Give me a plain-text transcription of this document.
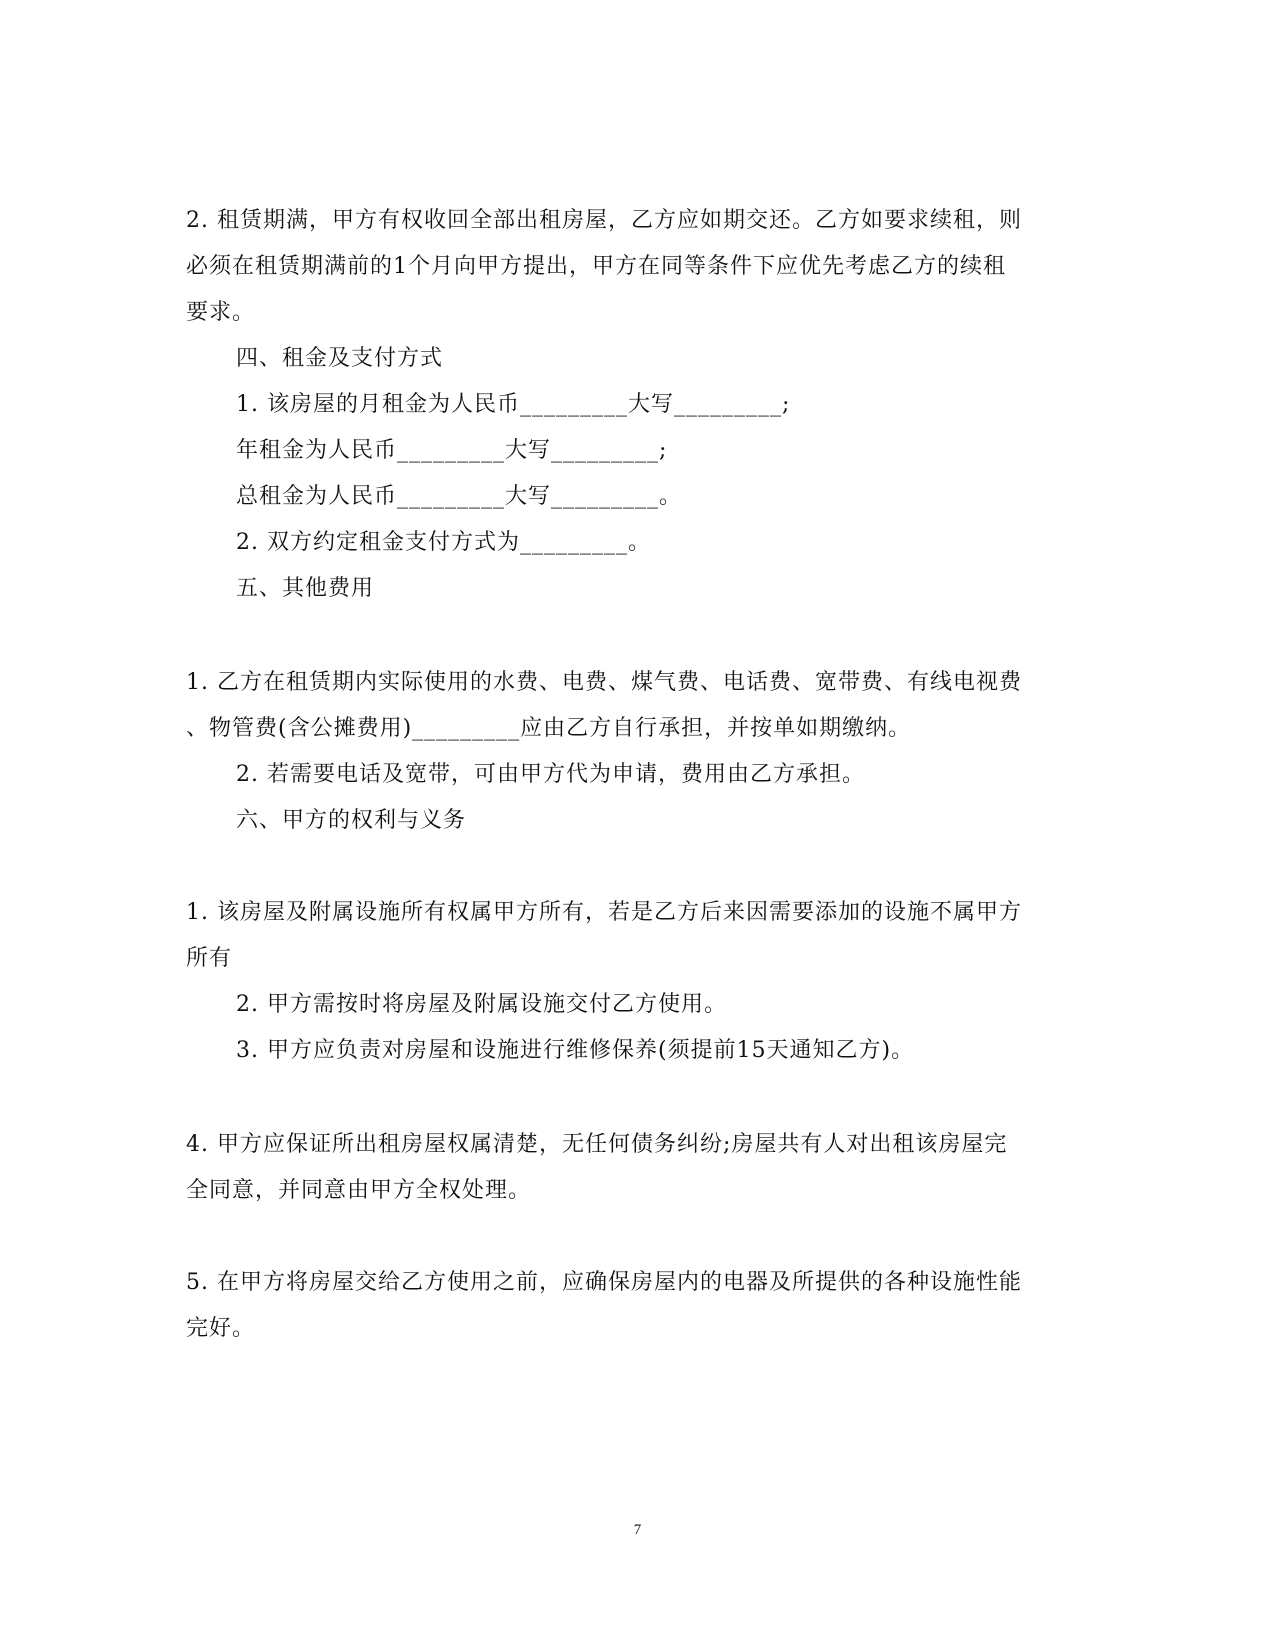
2. 租赁期满，甲方有权收回全部出租房屋，乙方应如期交还。乙方如要求续租，则
必须在租赁期满前的1个月向甲方提出，甲方在同等条件下应优先考虑乙方的续租
要求。
四、租金及支付方式
1. 该房屋的月租金为人民币_________大写_________;
年租金为人民币_________大写_________;
总租金为人民币_________大写_________。
2. 双方约定租金支付方式为_________。
五、其他费用
1. 乙方在租赁期内实际使用的水费、电费、煤气费、电话费、宽带费、有线电视费
、物管费(含公摊费用)_________应由乙方自行承担，并按单如期缴纳。
2. 若需要电话及宽带，可由甲方代为申请，费用由乙方承担。
六、甲方的权利与义务
1. 该房屋及附属设施所有权属甲方所有，若是乙方后来因需要添加的设施不属甲方
所有
2. 甲方需按时将房屋及附属设施交付乙方使用。
3. 甲方应负责对房屋和设施进行维修保养(须提前15天通知乙方)。
4. 甲方应保证所出租房屋权属清楚，无任何债务纠纷;房屋共有人对出租该房屋完
全同意，并同意由甲方全权处理。
5. 在甲方将房屋交给乙方使用之前，应确保房屋内的电器及所提供的各种设施性能
完好。
7
